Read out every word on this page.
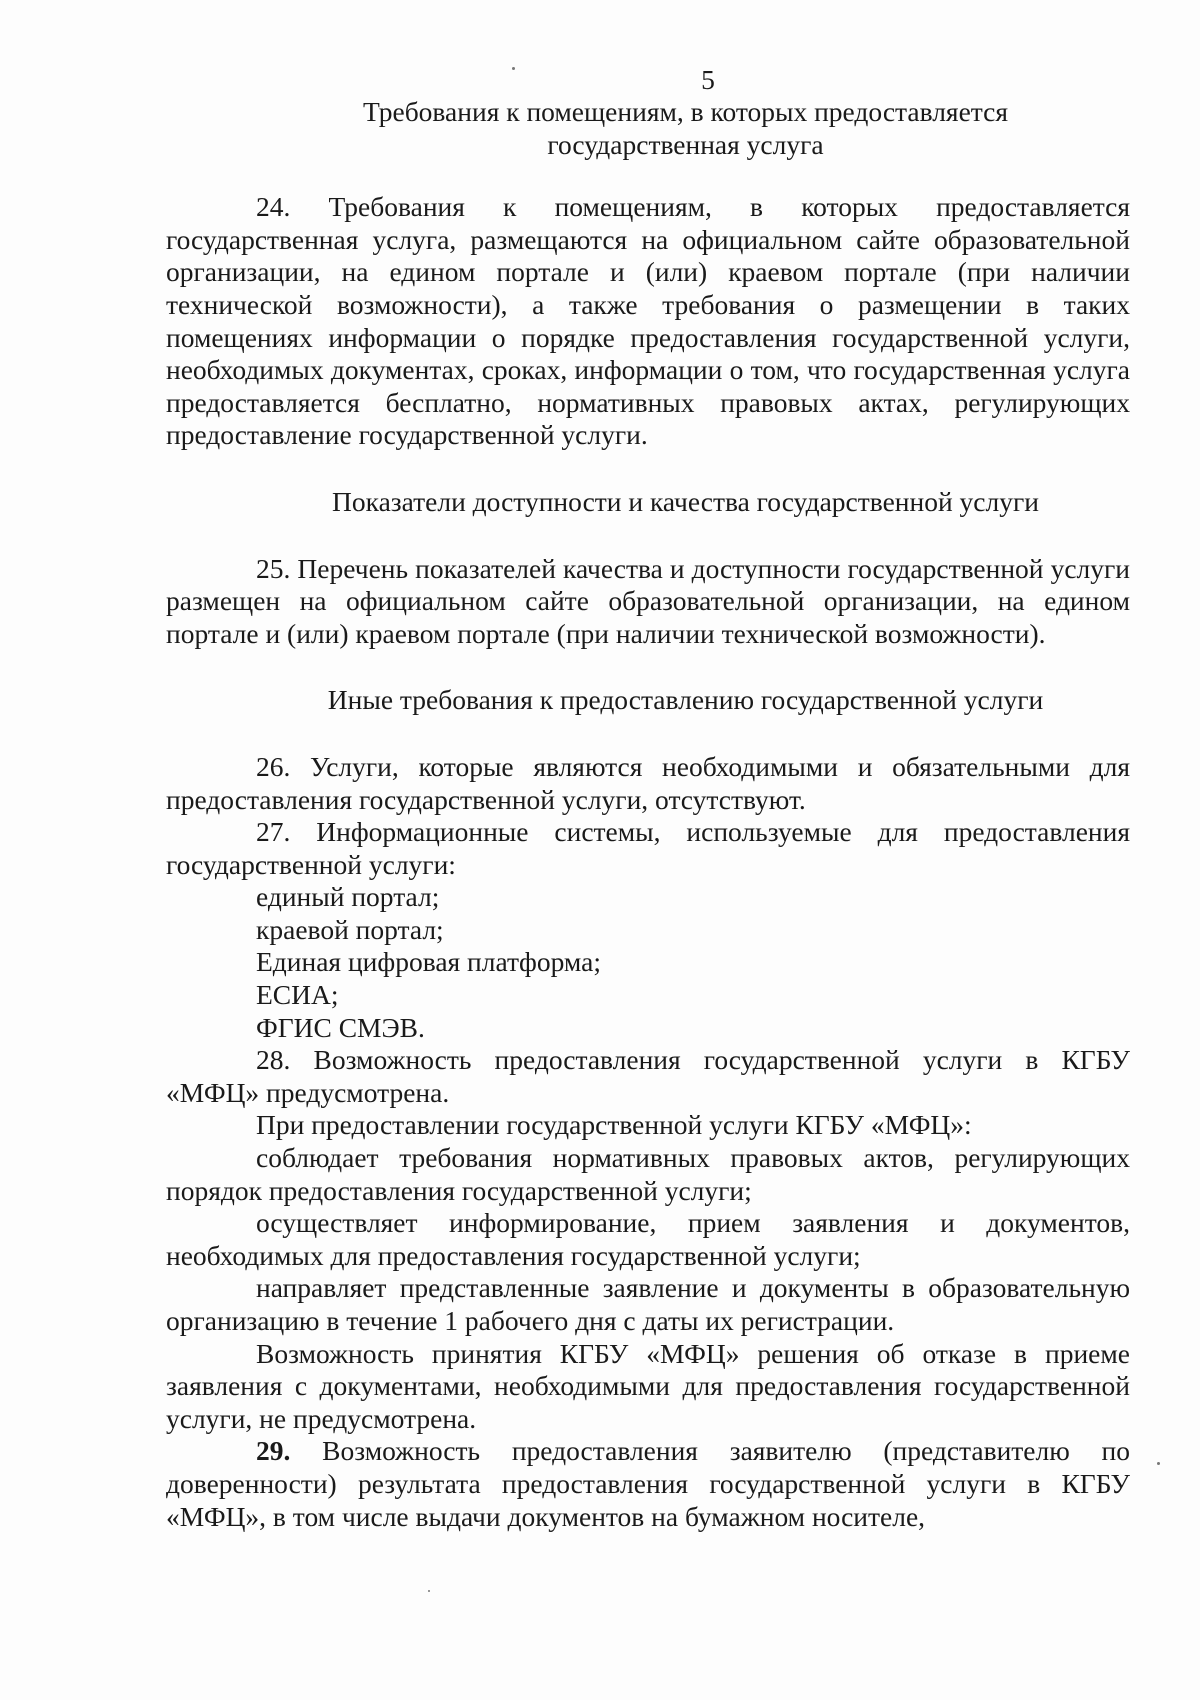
5

Требования к помещениям, в которых предоставляется
государственная услуга

24. Требования к помещениям, в которых предоставляется государственная услуга, размещаются на официальном сайте образовательной организации, на едином портале и (или) краевом портале (при наличии технической возможности), а также требования о размещении в таких помещениях информации о порядке предоставления государственной услуги, необходимых документах, сроках, информации о том, что государственная услуга предоставляется бесплатно, нормативных правовых актах, регулирующих предоставление государственной услуги.

Показатели доступности и качества государственной услуги

25. Перечень показателей качества и доступности государственной услуги размещен на официальном сайте образовательной организации, на едином портале и (или) краевом портале (при наличии технической возможности).

Иные требования к предоставлению государственной услуги

26. Услуги, которые являются необходимыми и обязательными для предоставления государственной услуги, отсутствуют.

27. Информационные системы, используемые для предоставления государственной услуги:

единый портал;

краевой портал;

Единая цифровая платформа;

ЕСИА;

ФГИС СМЭВ.

28. Возможность предоставления государственной услуги в КГБУ «МФЦ» предусмотрена.

При предоставлении государственной услуги КГБУ «МФЦ»:

соблюдает требования нормативных правовых актов, регулирующих порядок предоставления государственной услуги;

осуществляет информирование, прием заявления и документов, необходимых для предоставления государственной услуги;

направляет представленные заявление и документы в образовательную организацию в течение 1 рабочего дня с даты их регистрации.

Возможность принятия КГБУ «МФЦ» решения об отказе в приеме заявления с документами, необходимыми для предоставления государственной услуги, не предусмотрена.

29. Возможность предоставления заявителю (представителю по доверенности) результата предоставления государственной услуги в КГБУ «МФЦ», в том числе выдачи документов на бумажном носителе,
